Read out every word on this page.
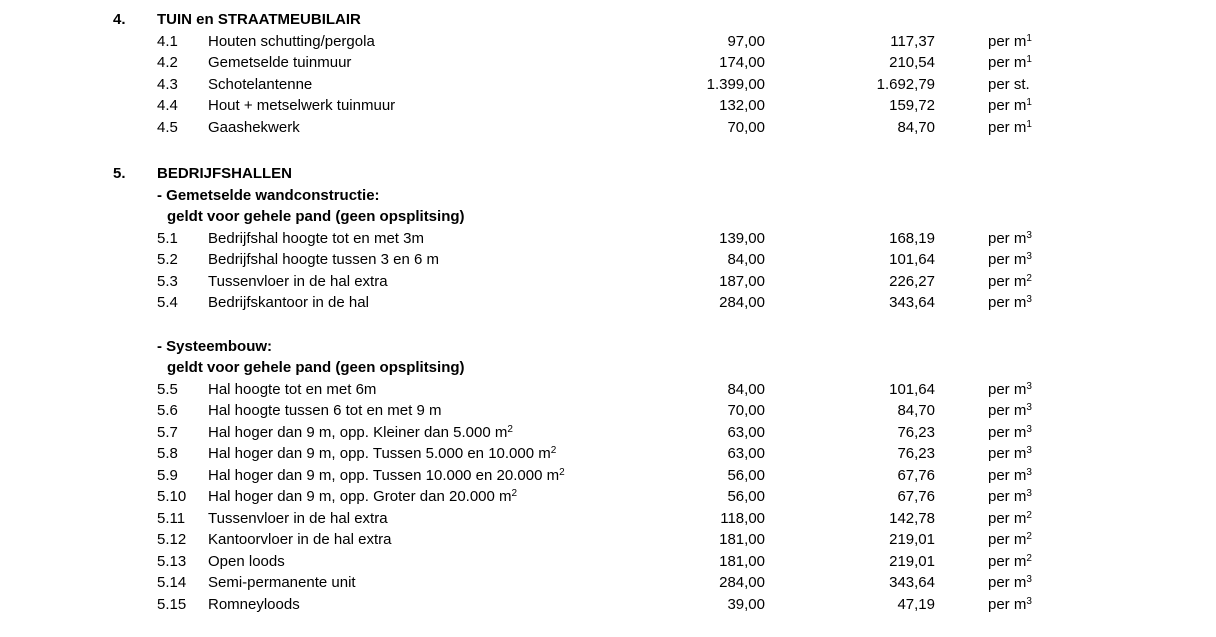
4.	TUIN en STRAATMEUBILAIR
4.1	Houten schutting/pergola	97,00	117,37	per $m^1$
4.2	Gemetselde tuinmuur	174,00	210,54	per $m^1$
4.3	Schotelantenne	1.399,00	1.692,79	per st.
4.4	Hout + metselwerk tuinmuur	132,00	159,72	per $m^1$
4.5	Gaashekwerk	70,00	84,70	per $m^1$
5.	BEDRIJFSHALLEN
- Gemetselde wandconstructie:
geldt voor gehele pand (geen opsplitsing)
5.1	Bedrijfshal hoogte tot en met 3m	139,00	168,19	per $m^3$
5.2	Bedrijfshal hoogte tussen 3 en 6 m	84,00	101,64	per $m^3$
5.3	Tussenvloer in de hal extra	187,00	226,27	per $m^2$
5.4	Bedrijfskantoor in de hal	284,00	343,64	per $m^3$
- Systeembouw:
geldt voor gehele pand (geen opsplitsing)
5.5	Hal hoogte tot en met 6m	84,00	101,64	per $m^3$
5.6	Hal hoogte tussen 6 tot en met 9 m	70,00	84,70	per $m^3$
5.7	Hal hoger dan 9 m, opp. Kleiner dan 5.000 $m^2$	63,00	76,23	per $m^3$
5.8	Hal hoger dan 9 m, opp. Tussen 5.000 en 10.000 $m^2$	63,00	76,23	per $m^3$
5.9	Hal hoger dan 9 m, opp. Tussen 10.000 en 20.000 $m^2$	56,00	67,76	per $m^3$
5.10	Hal hoger dan 9 m, opp. Groter dan 20.000 $m^2$	56,00	67,76	per $m^3$
5.11	Tussenvloer in de hal extra	118,00	142,78	per $m^2$
5.12	Kantoorvloer in de hal extra	181,00	219,01	per $m^2$
5.13	Open loods	181,00	219,01	per $m^2$
5.14	Semi-permanente unit	284,00	343,64	per $m^3$
5.15	Romneyloods	39,00	47,19	per $m^3$
